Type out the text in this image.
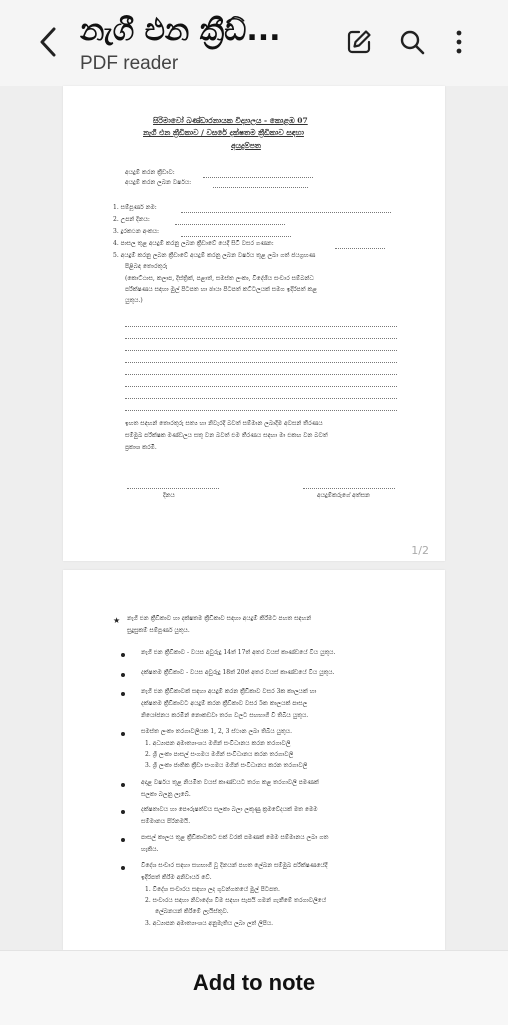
නැගී එන ක්‍රීඩ්...
PDF reader
සිරිමාවෝ බණ්ඩාරනායක විද්‍යාලය - කොළඹ 07
නැගී එන ක්‍රීඩිකාව / වසරේ දක්ෂතම ක්‍රීඩිකාව සඳහා
අයදුම්පත
අයදුම් කරන ක්‍රීඩාව:
අයදුම් කරන ලබන වර්ෂය:
1. සම්පූර්ණ නම:
2. උපන් දිනය:
3. දුරකථන අංකය:
4. පාසල තුළ අයදුම් කරනු ලබන ක්‍රීඩාවේ යෙදී සිටි වසර ගණන:
5. අයදුම් කරනු ලබන ක්‍රීඩාවේ අයදුම් කරනු ලබන වර්ෂය තුළ ලබා ගත් ජයග්‍රහණ
පිළිබඳ තොරතුරු
(කොට්ඨාස, කලාප, දිස්ත්‍රික්, පළාත්, සමස්ත ලංකා, විදේශීය සංචාර සම්බන්ධ
පරීක්ෂණය සඳහා මුල් පිටපත හා ඡායා පිටපත් කට්ටලයක් සමග ඉදිරිපත් කළ
යුතුය.)
ඉහත සඳහන් තොරතුරු සත්‍ය හා නිවැරදි බවත් සම්මාන ලබාදීම අවසන් තීරණය
සම්මුඛ පරීක්ෂක මණ්ඩලය සතු වන බවත් එම තීරණය සඳහා මා එකඟ වන බවත්
ප්‍රකාශ කරමි.
දිනය	අයදුම්කරුගේ අත්සන
1/2
★ නැගී එන ක්‍රීඩිකාව හා දක්ෂතම ක්‍රීඩිකාව සඳහා අයදුම් කිරීමට පහත සඳහන්
සුදුසුකම් සම්පූර්ණ යුතුය.
නැගී එන ක්‍රීඩිකාව - වයස අවුරුදු 14ත් 17ත් අතර වයස් කාණ්ඩයේ විය යුතුය.
දක්ෂතම ක්‍රීඩිකාව - වයස අවුරුදු 18ත් 20ත් අතර වයස් කාණ්ඩයේ විය යුතුය.
නැගී එන ක්‍රීඩිකාවක් සඳහා අයදුම් කරන ක්‍රීඩිකාව වසර 3ක කාලයක් හා
දක්ෂතම ක්‍රීඩිකාවට අයදුම් කරන ක්‍රීඩිකාව වසර 5ක කාලයක් පාසල
නියෝජනය කරමින් නොකඩවා තරග වලට සහභාගී වී තිබිය යුතුය.
සමස්ත ලංකා තරගාවලියක 1, 2, 3 ස්ථාන ලබා තිබිය යුතුය.
1. අධ්‍යාපන අමාත්‍යාංශය මගින් සංවිධානය කරන තරගාවලි
2. ශ්‍රී ලංකා පාසල් සංගමය මගින් සංවිධානය කරන තරගාවලි
3. ශ්‍රී ලංකා ජාතික ක්‍රීඩා සංගමය මගින් සංවිධානය කරන තරගාවලි
අදාළ වර්ෂය තුළ නියමිත වයස් කාණ්ඩයට තරග කළ තරගාවලි පමණක්
සලකා බලනු ලැබේ.
දක්ෂතාවය හා පෞරුෂත්වය සලකා බලා ලකුණු ක්‍රමවේදයක් මත මෙම
සම්මානය පිරිනමයි.
පාසල් කාලය තුළ ක්‍රීඩිකාවකට එක් වරක් පමණක් මෙම සම්මානය ලබා ගත
හැකිය.
විදේශ සංචාර සඳහා සහභාගී වූ දිනයන් පහත ලේඛන සම්මුඛ පරීක්ෂණයේදී
ඉදිරිපත් කිරීම අනිවාර්ය වේ.
1. විදේශ සංචාරය සඳහා ලද ගුවන්ගතයේ මුල් පිටපත.
2. සංචාරය සඳහා නිවාදේශ වීම සඳහා සැපයි ගමන් ගැනීමේ තරගාවලියේ
ලේඛනයන් කිරීමේ ලැයිස්තුව.
3. අධ්‍යාපන අමාත්‍යාංශය අනුමැතිය ලබා ලත් ලිපිය.
Add to note
